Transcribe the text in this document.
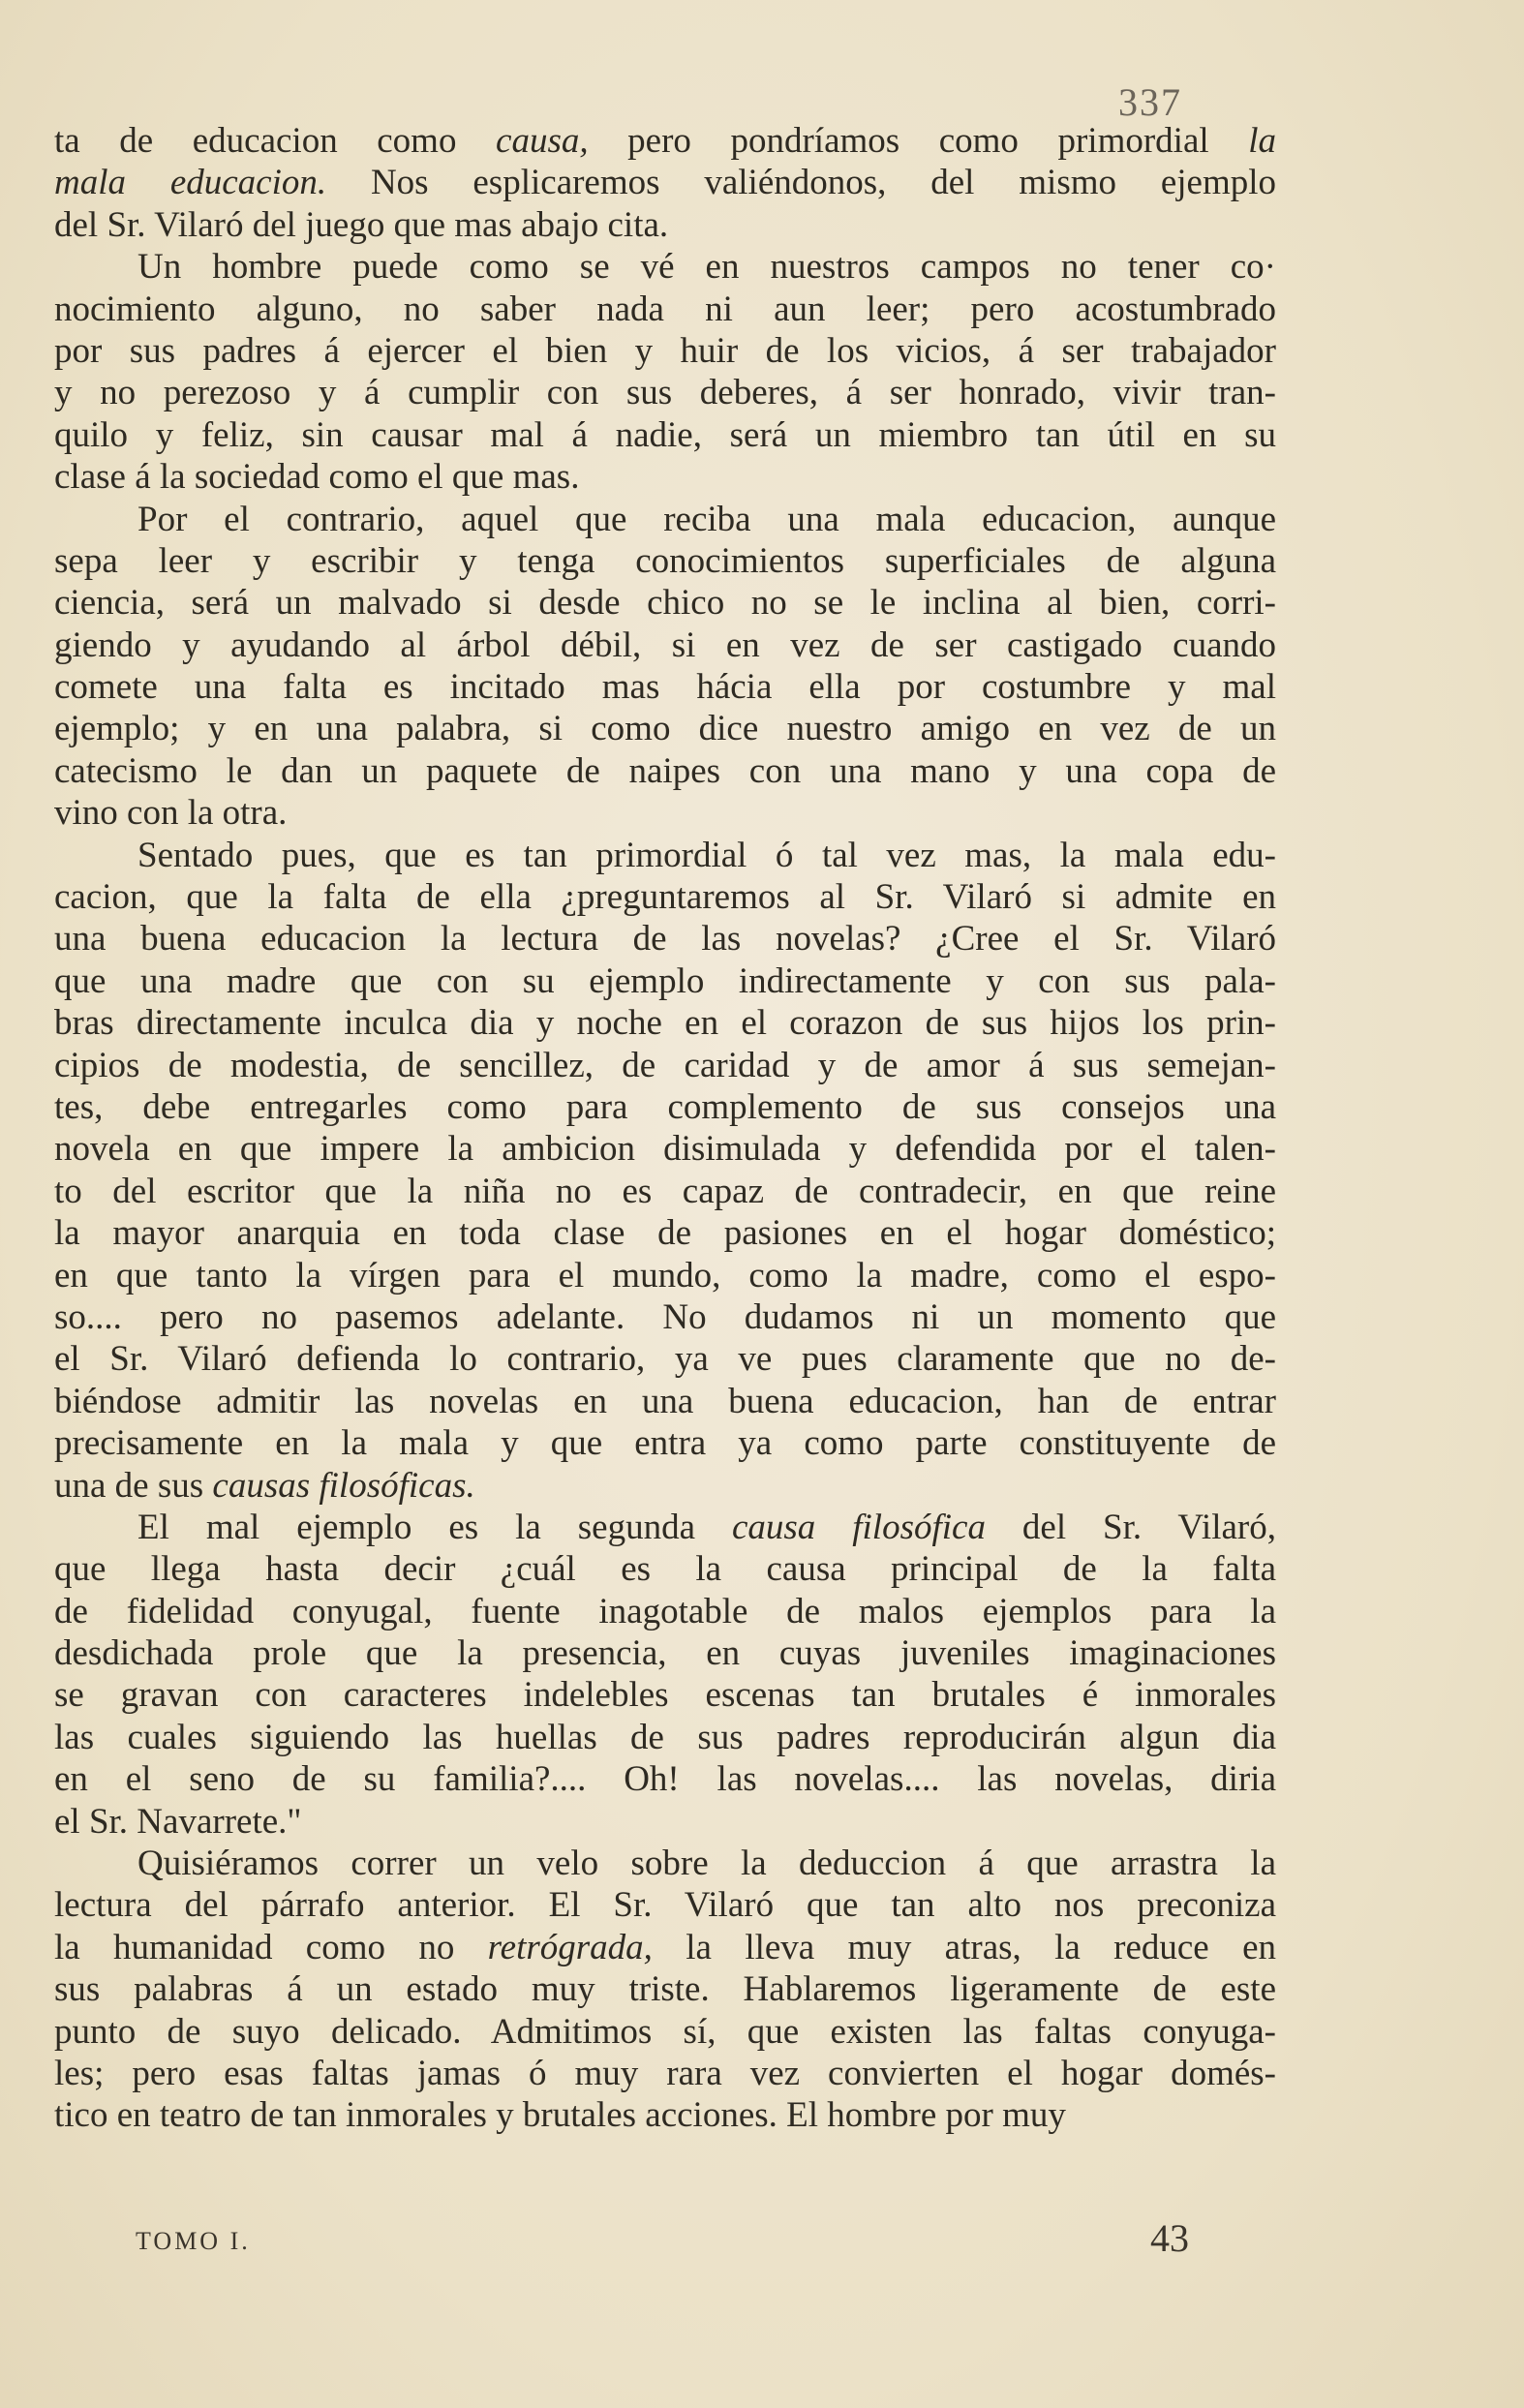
337
ta de educacion como causa, pero pondríamos como primordial la
mala educacion. Nos esplicaremos valiéndonos, del mismo ejemplo
del Sr. Vilaró del juego que mas abajo cita.
Un hombre puede como se vé en nuestros campos no tener co·
nocimiento alguno, no saber nada ni aun leer; pero acostumbrado
por sus padres á ejercer el bien y huir de los vicios, á ser trabajador
y no perezoso y á cumplir con sus deberes, á ser honrado, vivir tran-
quilo y feliz, sin causar mal á nadie, será un miembro tan útil en su
clase á la sociedad como el que mas.
Por el contrario, aquel que reciba una mala educacion, aunque
sepa leer y escribir y tenga conocimientos superficiales de alguna
ciencia, será un malvado si desde chico no se le inclina al bien, corri-
giendo y ayudando al árbol débil, si en vez de ser castigado cuando
comete una falta es incitado mas hácia ella por costumbre y mal
ejemplo; y en una palabra, si como dice nuestro amigo en vez de un
catecismo le dan un paquete de naipes con una mano y una copa de
vino con la otra.
Sentado pues, que es tan primordial ó tal vez mas, la mala edu-
cacion, que la falta de ella ¿preguntaremos al Sr. Vilaró si admite en
una buena educacion la lectura de las novelas? ¿Cree el Sr. Vilaró
que una madre que con su ejemplo indirectamente y con sus pala-
bras directamente inculca dia y noche en el corazon de sus hijos los prin-
cipios de modestia, de sencillez, de caridad y de amor á sus semejan-
tes, debe entregarles como para complemento de sus consejos una
novela en que impere la ambicion disimulada y defendida por el talen-
to del escritor que la niña no es capaz de contradecir, en que reine
la mayor anarquia en toda clase de pasiones en el hogar doméstico;
en que tanto la vírgen para el mundo, como la madre, como el espo-
so.... pero no pasemos adelante. No dudamos ni un momento que
el Sr. Vilaró defienda lo contrario, ya ve pues claramente que no de-
biéndose admitir las novelas en una buena educacion, han de entrar
precisamente en la mala y que entra ya como parte constituyente de
una de sus causas filosóficas.
El mal ejemplo es la segunda causa filosófica del Sr. Vilaró,
que llega hasta decir ¿cuál es la causa principal de la falta
de fidelidad conyugal, fuente inagotable de malos ejemplos para la
desdichada prole que la presencia, en cuyas juveniles imaginaciones
se gravan con caracteres indelebles escenas tan brutales é inmorales
las cuales siguiendo las huellas de sus padres reproducirán algun dia
en el seno de su familia?.... Oh! las novelas.... las novelas, diria
el Sr. Navarrete."
Quisiéramos correr un velo sobre la deduccion á que arrastra la
lectura del párrafo anterior. El Sr. Vilaró que tan alto nos preconiza
la humanidad como no retrógrada, la lleva muy atras, la reduce en
sus palabras á un estado muy triste. Hablaremos ligeramente de este
punto de suyo delicado. Admitimos sí, que existen las faltas conyuga-
les; pero esas faltas jamas ó muy rara vez convierten el hogar domés-
tico en teatro de tan inmorales y brutales acciones. El hombre por muy
TOMO I.	43
